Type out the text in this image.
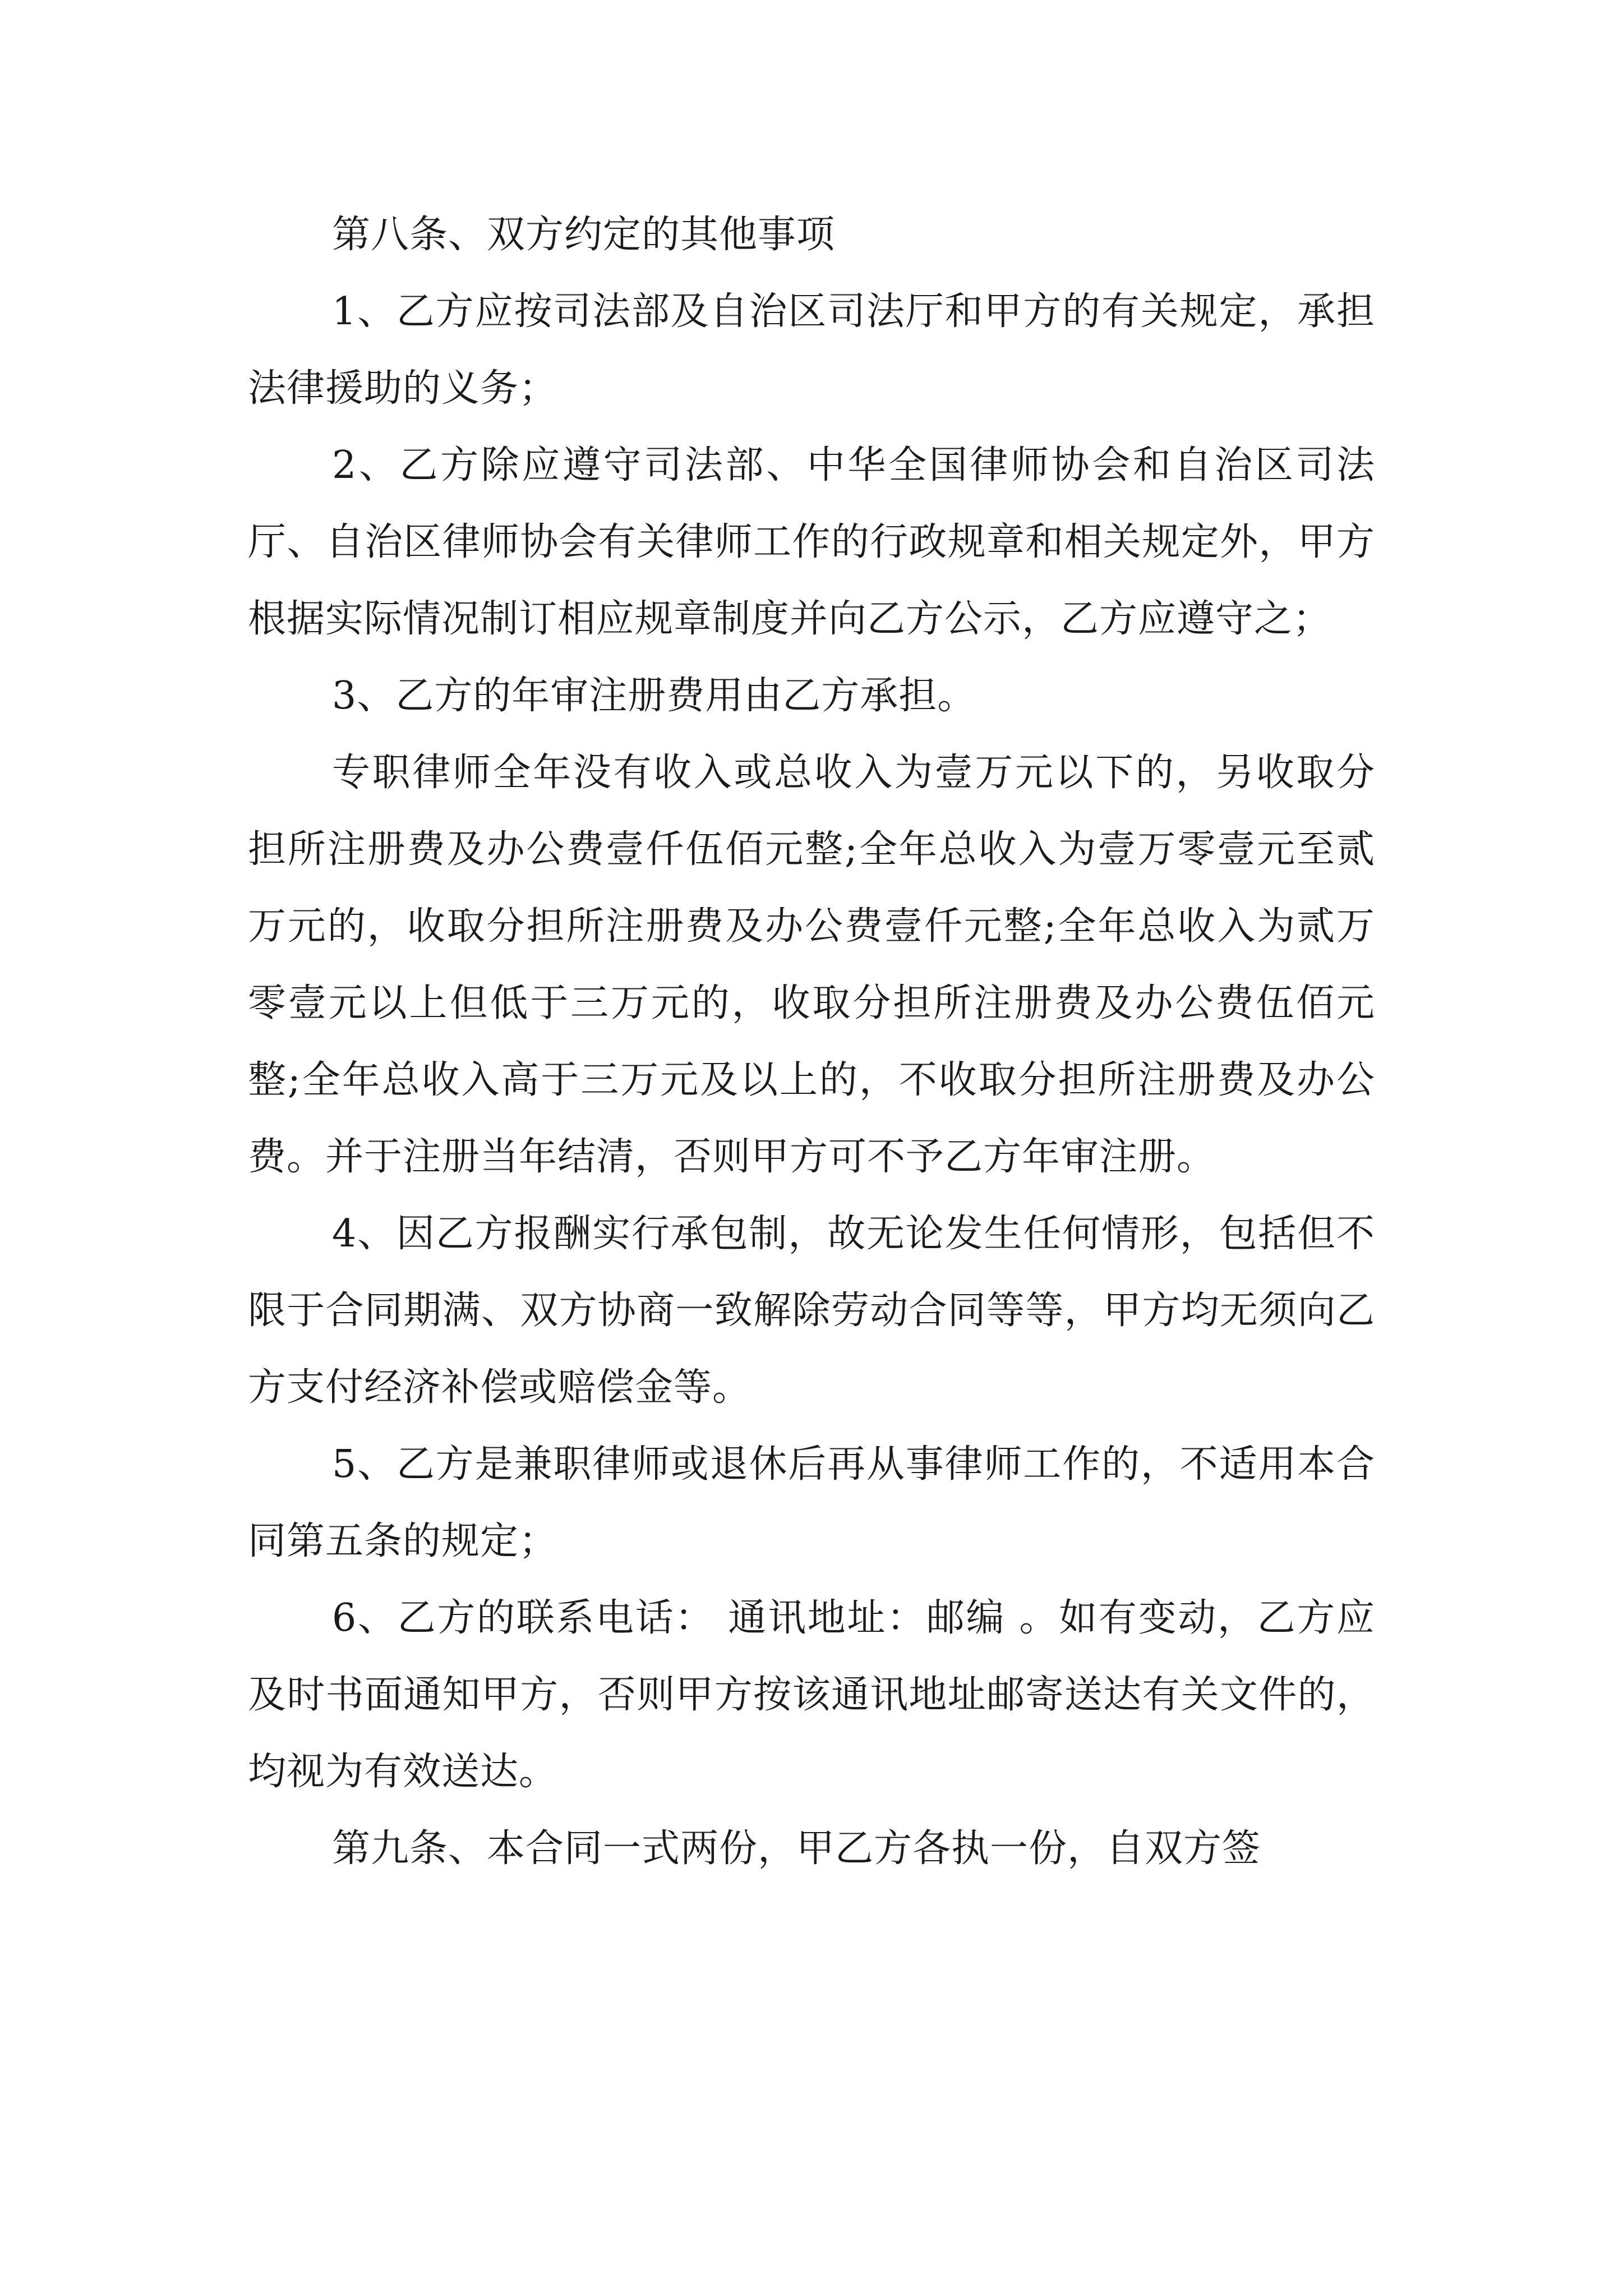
第八条、双方约定的其他事项

1、乙方应按司法部及自治区司法厅和甲方的有关规定，承担法律援助的义务；

2、乙方除应遵守司法部、中华全国律师协会和自治区司法厅、自治区律师协会有关律师工作的行政规章和相关规定外，甲方根据实际情况制订相应规章制度并向乙方公示，乙方应遵守之；

3、乙方的年审注册费用由乙方承担。

专职律师全年没有收入或总收入为壹万元以下的，另收取分担所注册费及办公费壹仟伍佰元整;全年总收入为壹万零壹元至贰万元的，收取分担所注册费及办公费壹仟元整;全年总收入为贰万零壹元以上但低于三万元的，收取分担所注册费及办公费伍佰元整;全年总收入高于三万元及以上的，不收取分担所注册费及办公费。并于注册当年结清，否则甲方可不予乙方年审注册。

4、因乙方报酬实行承包制，故无论发生任何情形，包括但不限于合同期满、双方协商一致解除劳动合同等等，甲方均无须向乙方支付经济补偿或赔偿金等。

5、乙方是兼职律师或退休后再从事律师工作的，不适用本合同第五条的规定；

6、乙方的联系电话： 通讯地址：邮编 。如有变动，乙方应及时书面通知甲方，否则甲方按该通讯地址邮寄送达有关文件的，均视为有效送达。

第九条、本合同一式两份，甲乙方各执一份，自双方签
